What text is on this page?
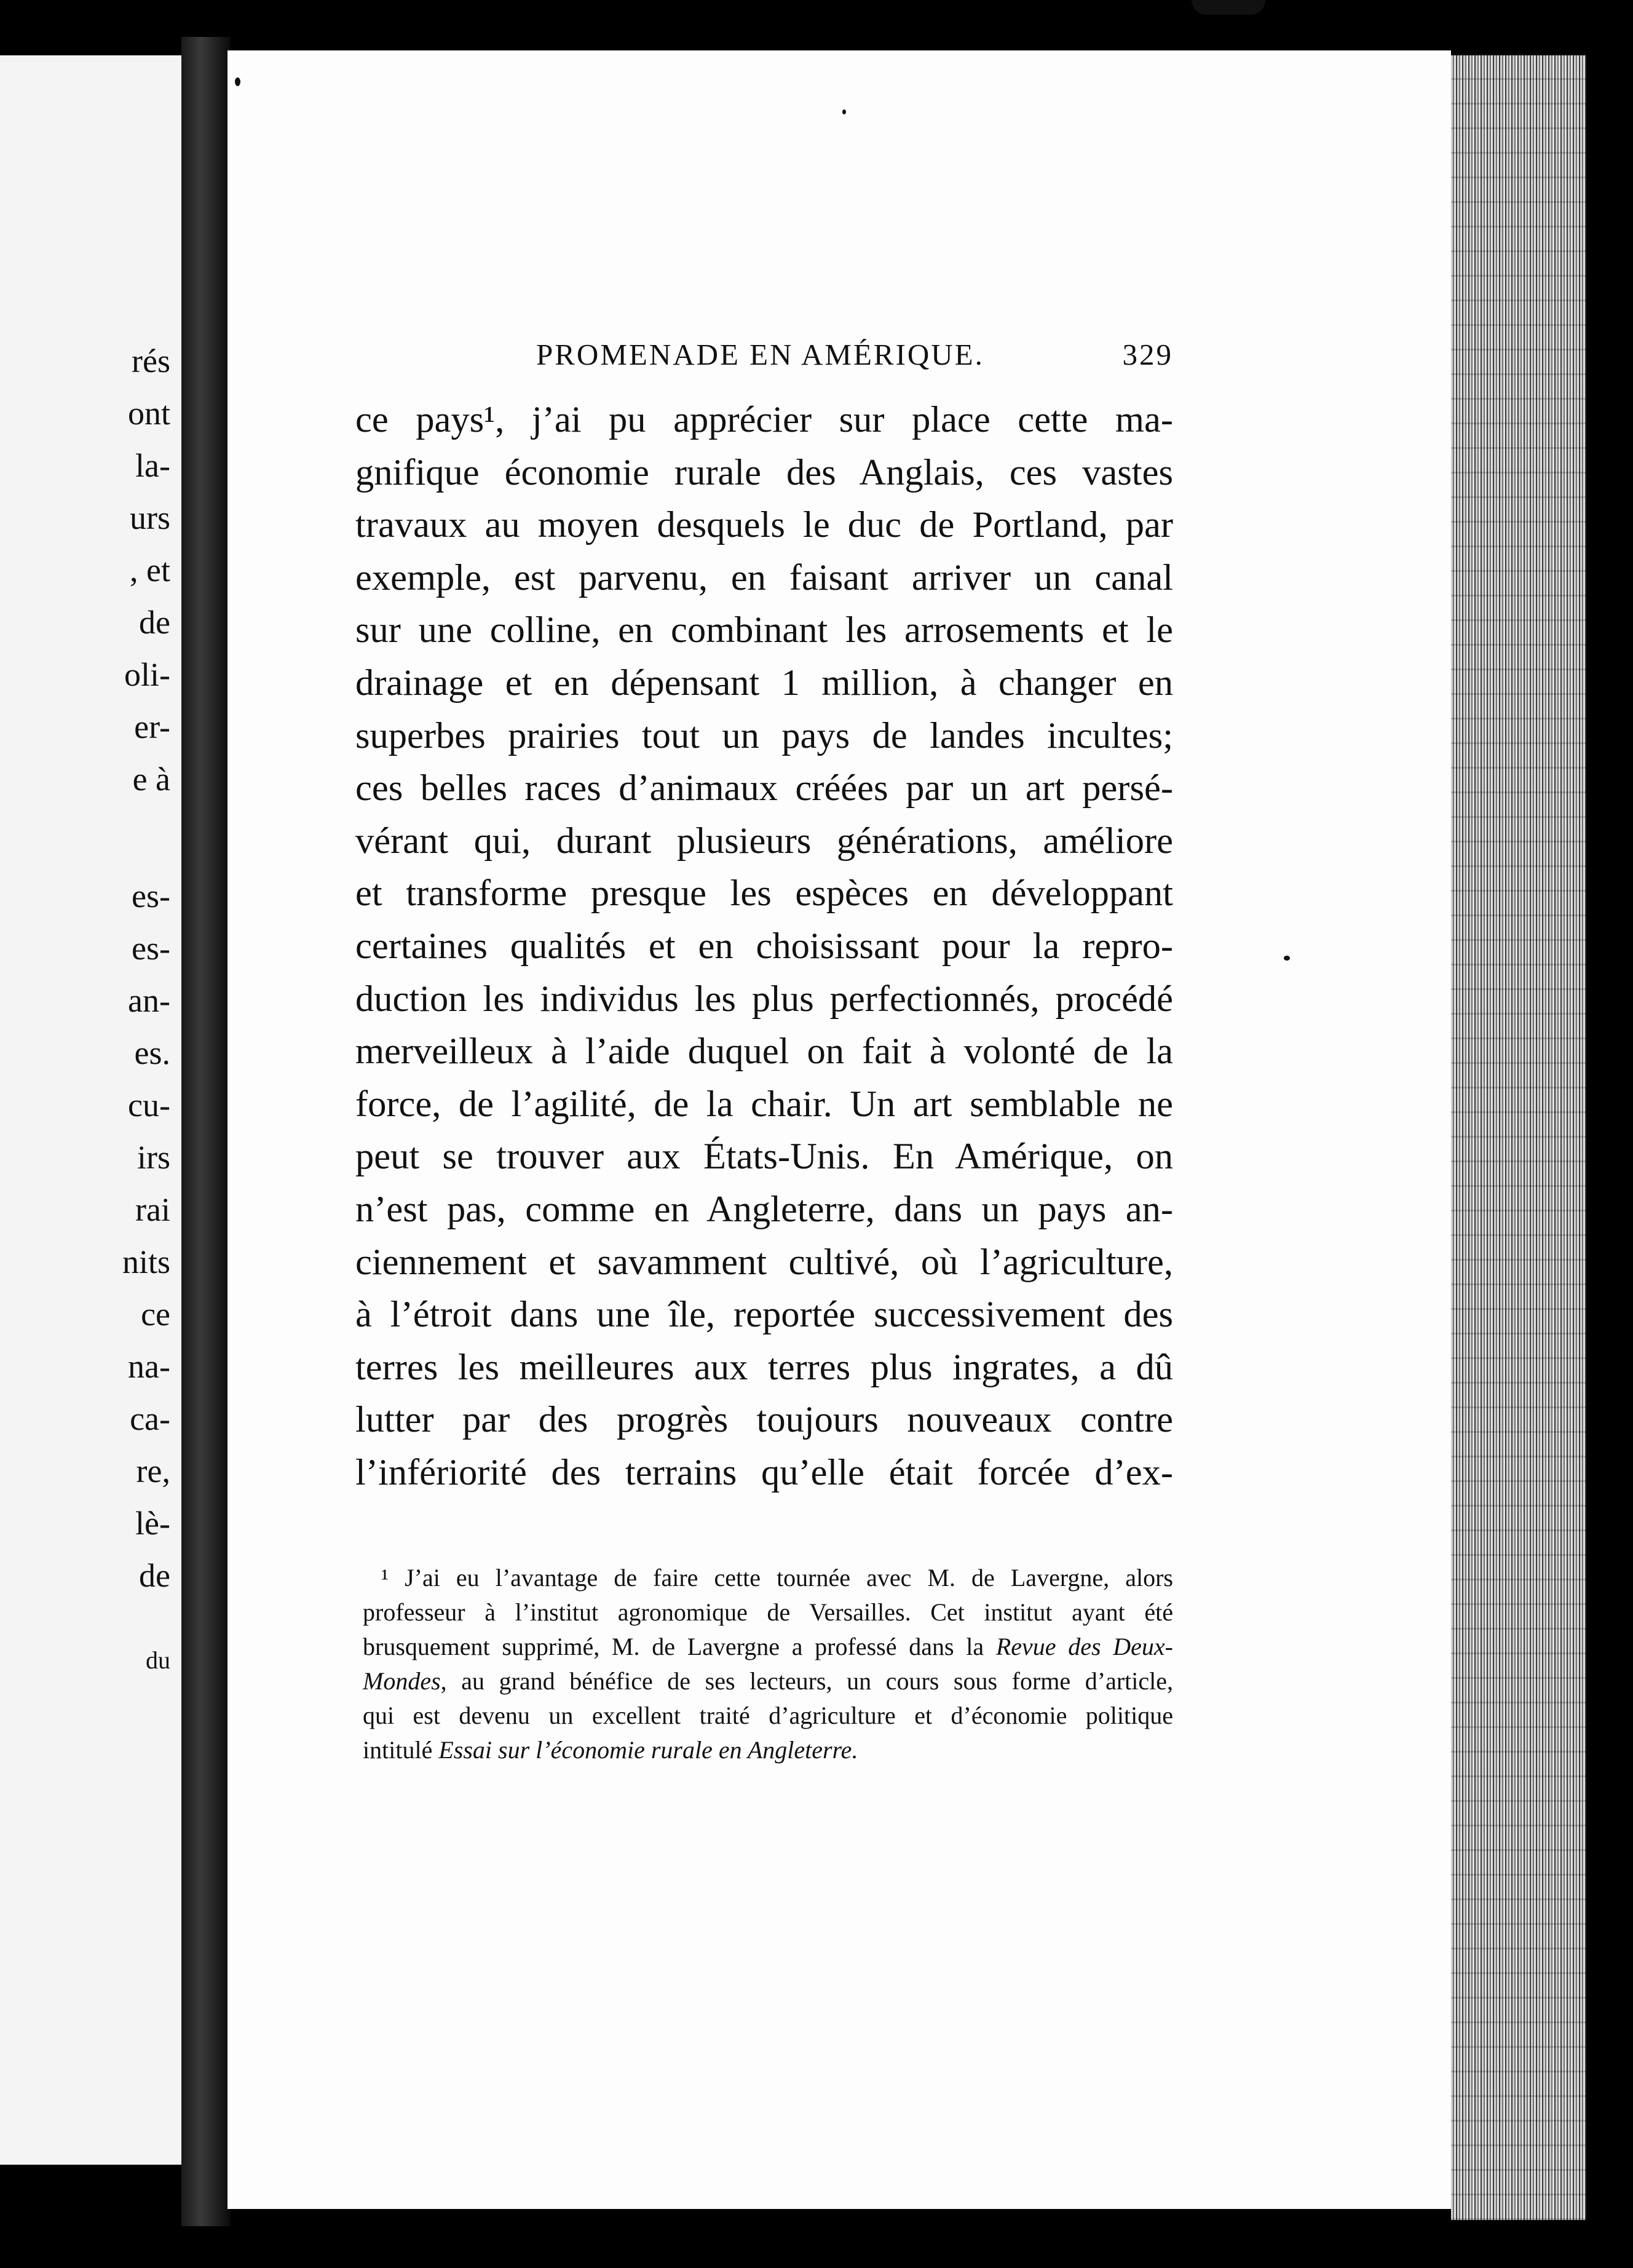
rés
ont
la-
urs
, et
de
oli-
er-
e à
es-
es-
an-
es.
cu-
irs
rai
nits
ce
na-
ca-
re,
lè-
de
du
PROMENADE EN AMÉRIQUE.	329
ce pays¹, j’ai pu apprécier sur place cette ma-
gnifique économie rurale des Anglais, ces vastes
travaux au moyen desquels le duc de Portland, par
exemple, est parvenu, en faisant arriver un canal
sur une colline, en combinant les arrosements et le
drainage et en dépensant 1 million, à changer en
superbes prairies tout un pays de landes incultes;
ces belles races d’animaux créées par un art persé-
vérant qui, durant plusieurs générations, améliore
et transforme presque les espèces en développant
certaines qualités et en choisissant pour la repro-
duction les individus les plus perfectionnés, procédé
merveilleux à l’aide duquel on fait à volonté de la
force, de l’agilité, de la chair. Un art semblable ne
peut se trouver aux États-Unis. En Amérique, on
n’est pas, comme en Angleterre, dans un pays an-
ciennement et savamment cultivé, où l’agriculture,
à l’étroit dans une île, reportée successivement des
terres les meilleures aux terres plus ingrates, a dû
lutter par des progrès toujours nouveaux contre
l’infériorité des terrains qu’elle était forcée d’ex-
¹ J’ai eu l’avantage de faire cette tournée avec M. de Lavergne, alors
professeur à l’institut agronomique de Versailles. Cet institut ayant été
brusquement supprimé, M. de Lavergne a professé dans la Revue des Deux-
Mondes, au grand bénéfice de ses lecteurs, un cours sous forme d’article,
qui est devenu un excellent traité d’agriculture et d’économie politique
intitulé Essai sur l’économie rurale en Angleterre.
